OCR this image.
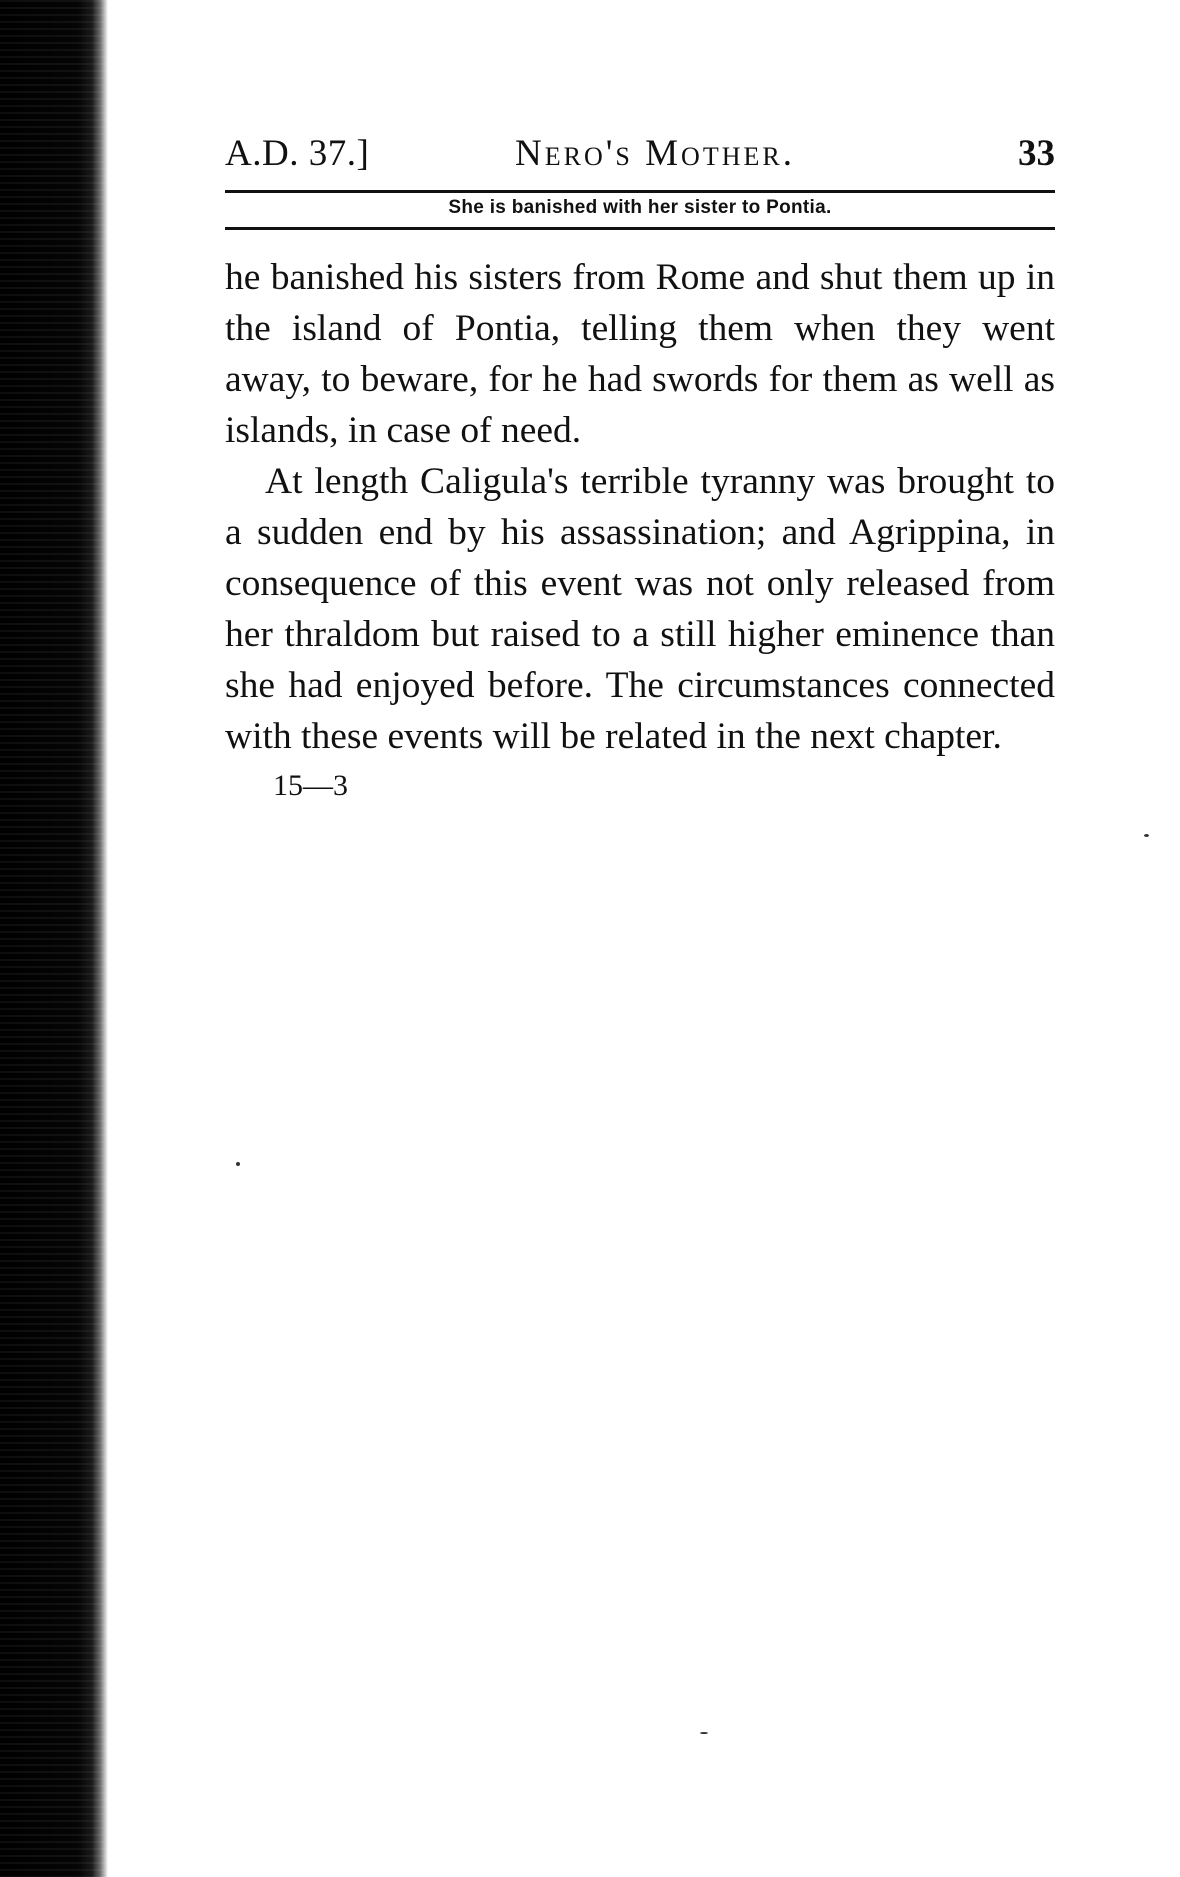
A.D. 37.]	Nero's Mother.	33
She is banished with her sister to Pontia.

he banished his sisters from Rome and shut them up in the island of Pontia, telling them when they went away, to beware, for he had swords for them as well as islands, in case of need.

At length Caligula's terrible tyranny was brought to a sudden end by his assassination; and Agrippina, in consequence of this event was not only released from her thraldom but raised to a still higher eminence than she had enjoyed before. The circumstances connected with these events will be related in the next chapter.

15—3
